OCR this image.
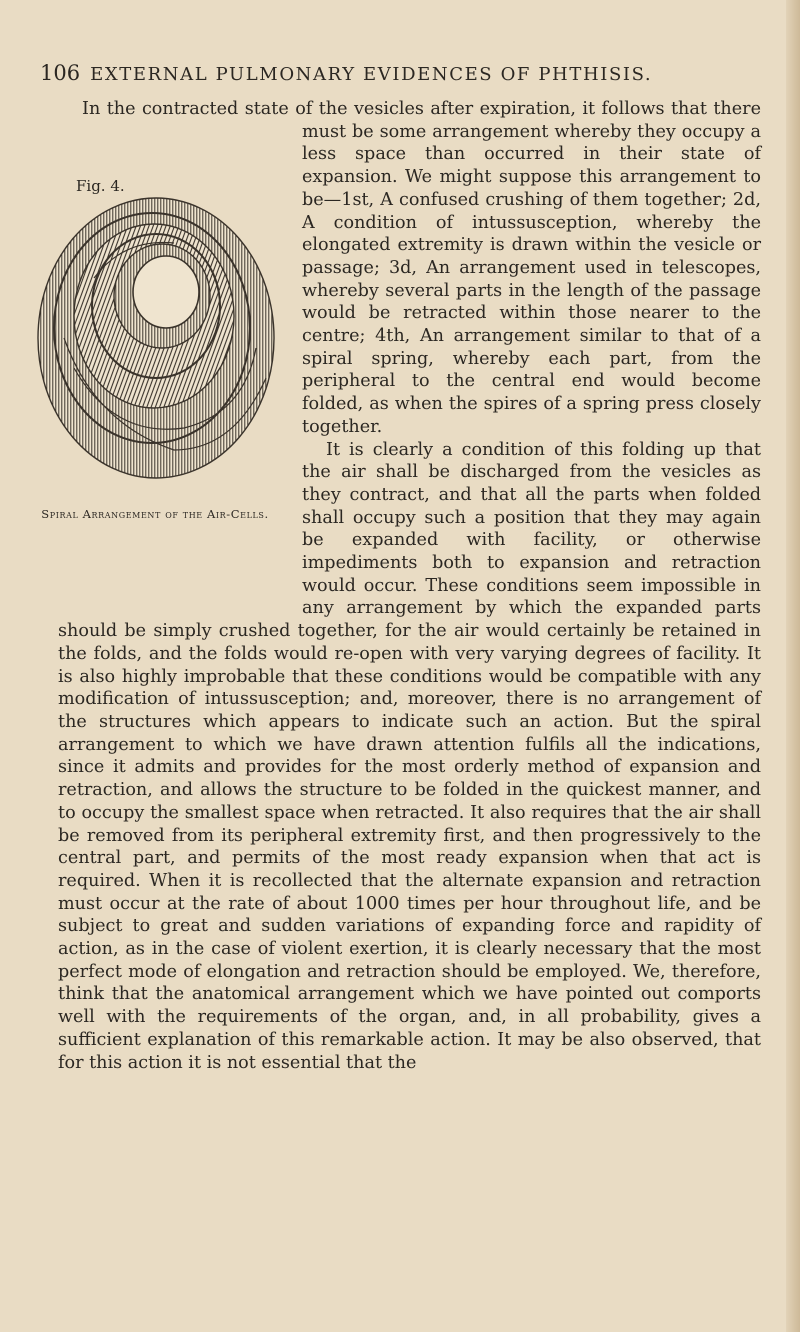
106 EXTERNAL PULMONARY EVIDENCES OF PHTHISIS.
Fig. 4.
Spiral Arrangement of the Air-Cells.

In the contracted state of the vesicles after expiration, it follows that there must be some arrangement whereby they occupy a less space than occurred in their state of expansion. We might suppose this arrangement to be—1st, A confused crushing of them together; 2d, A condition of intussusception, whereby the elongated extremity is drawn within the vesicle or passage; 3d, An arrangement used in telescopes, whereby several parts in the length of the passage would be retracted within those nearer to the centre; 4th, An arrangement similar to that of a spiral spring, whereby each part, from the peripheral to the central end would become folded, as when the spires of a spring press closely together.

It is clearly a condition of this folding up that the air shall be discharged from the vesicles as they contract, and that all the parts when folded shall occupy such a position that they may again be expanded with facility, or otherwise impediments both to expansion and retraction would occur. These conditions seem impossible in any arrangement by which the expanded parts should be simply crushed together, for the air would certainly be retained in the folds, and the folds would re-open with very varying degrees of facility. It is also highly improbable that these conditions would be compatible with any modification of intussusception; and, moreover, there is no arrangement of the structures which appears to indicate such an action. But the spiral arrangement to which we have drawn attention fulfils all the indications, since it admits and provides for the most orderly method of expansion and retraction, and allows the structure to be folded in the quickest manner, and to occupy the smallest space when retracted. It also requires that the air shall be removed from its peripheral extremity first, and then progressively to the central part, and permits of the most ready expansion when that act is required. When it is recollected that the alternate expansion and retraction must occur at the rate of about 1000 times per hour throughout life, and be subject to great and sudden variations of expanding force and rapidity of action, as in the case of violent exertion, it is clearly necessary that the most perfect mode of elongation and retraction should be employed. We, therefore, think that the anatomical arrangement which we have pointed out comports well with the requirements of the organ, and, in all probability, gives a sufficient explanation of this remarkable action. It may be also observed, that for this action it is not essential that the
